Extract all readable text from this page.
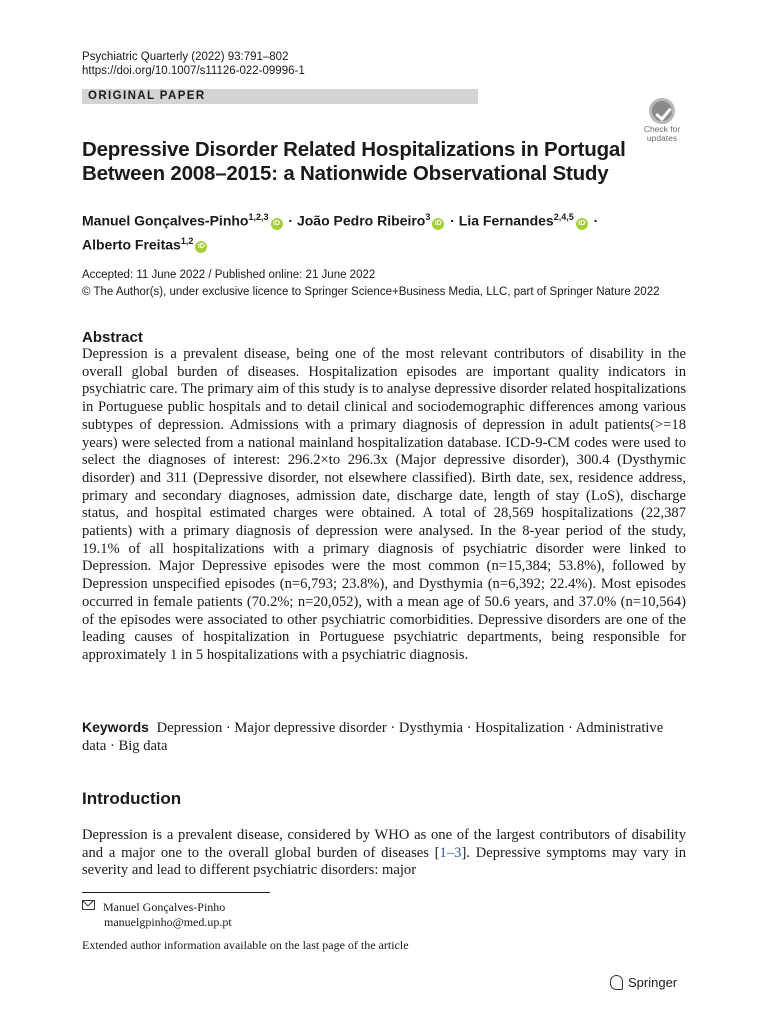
Psychiatric Quarterly (2022) 93:791–802
https://doi.org/10.1007/s11126-022-09996-1
ORIGINAL PAPER
Check for
updates
Depressive Disorder Related Hospitalizations in Portugal Between 2008–2015: a Nationwide Observational Study
Manuel Gonçalves-Pinho$^{1,2,3}$iD · João Pedro Ribeiro$^3$iD · Lia Fernandes$^{2,4,5}$iD ·
Alberto Freitas$^{1,2}$iD
Accepted: 11 June 2022 / Published online: 21 June 2022
© The Author(s), under exclusive licence to Springer Science+Business Media, LLC, part of Springer Nature 2022
Abstract
Depression is a prevalent disease, being one of the most relevant contributors of disability in the overall global burden of diseases. Hospitalization episodes are important quality indicators in psychiatric care. The primary aim of this study is to analyse depressive disorder related hospitalizations in Portuguese public hospitals and to detail clinical and sociodemographic differences among various subtypes of depression. Admissions with a primary diagnosis of depression in adult patients(>=18 years) were selected from a national mainland hospitalization database. ICD-9-CM codes were used to select the diagnoses of interest: 296.2×to 296.3x (Major depressive disorder), 300.4 (Dysthymic disorder) and 311 (Depressive disorder, not elsewhere classified). Birth date, sex, residence address, primary and secondary diagnoses, admission date, discharge date, length of stay (LoS), discharge status, and hospital estimated charges were obtained. A total of 28,569 hospitalizations (22,387 patients) with a primary diagnosis of depression were analysed. In the 8-year period of the study, 19.1% of all hospitalizations with a primary diagnosis of psychiatric disorder were linked to Depression. Major Depressive episodes were the most common (n=15,384; 53.8%), followed by Depression unspecified episodes (n=6,793; 23.8%), and Dysthymia (n=6,392; 22.4%). Most episodes occurred in female patients (70.2%; n=20,052), with a mean age of 50.6 years, and 37.0% (n=10,564) of the episodes were associated to other psychiatric comorbidities. Depressive disorders are one of the leading causes of hospitalization in Portuguese psychiatric departments, being responsible for approximately 1 in 5 hospitalizations with a psychiatric diagnosis.
Keywords Depression · Major depressive disorder · Dysthymia · Hospitalization · Administrative data · Big data
Introduction
Depression is a prevalent disease, considered by WHO as one of the largest contributors of disability and a major one to the overall global burden of diseases [1–3]. Depressive symptoms may vary in severity and lead to different psychiatric disorders: major
Manuel Gonçalves-Pinho
manuelgpinho@med.up.pt
Extended author information available on the last page of the article
Springer
